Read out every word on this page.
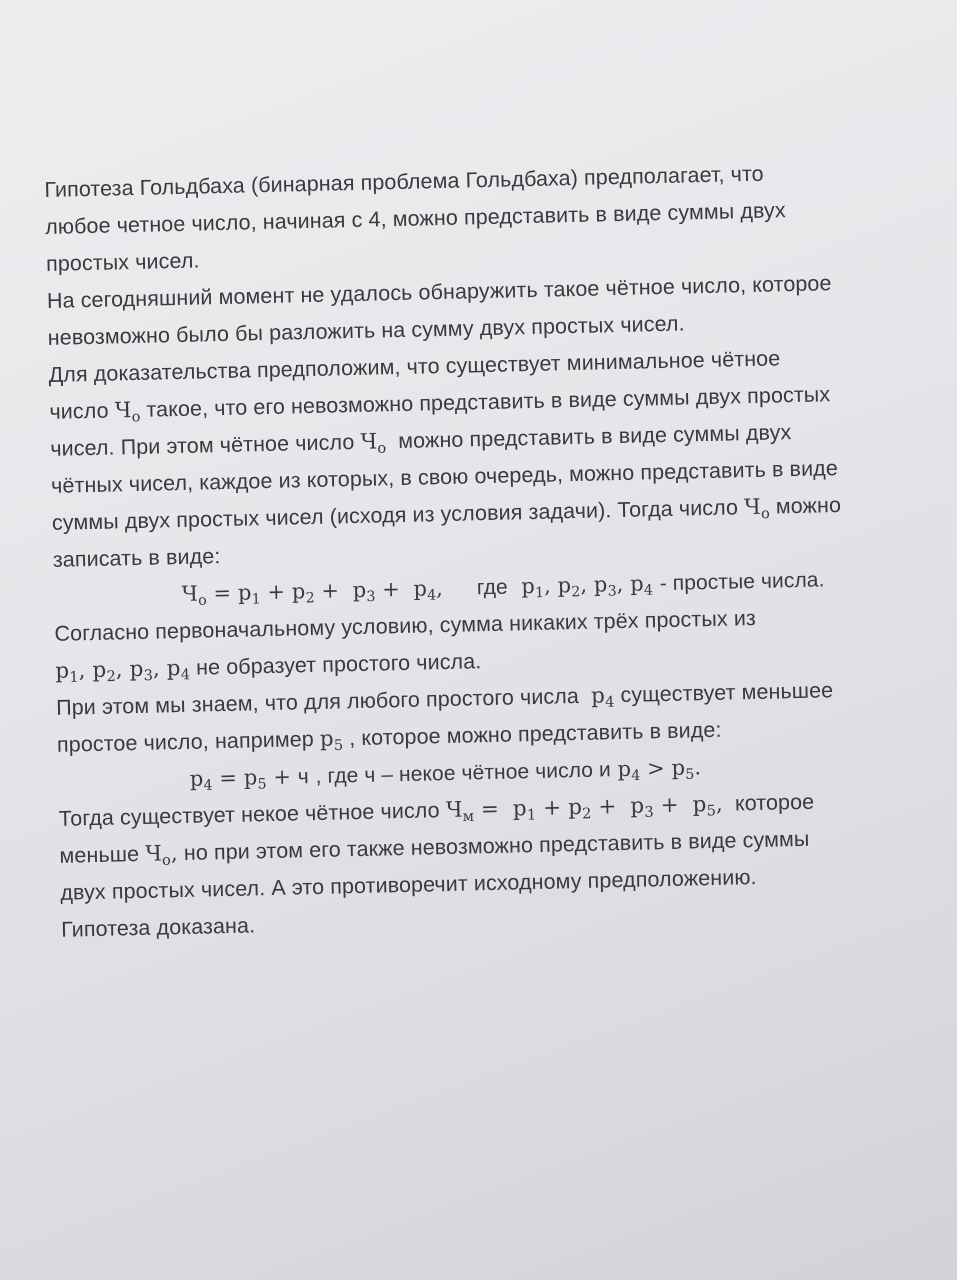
Гипотеза Гольдбаха (бинарная проблема Гольдбаха) предполагает, что
любое четное число, начиная с 4, можно представить в виде суммы двух
простых чисел.
На сегодняшний момент не удалось обнаружить такое чётное число, которое
невозможно было бы разложить на сумму двух простых чисел.
Для доказательства предположим, что существует минимальное чётное
число $Ч_о$ такое, что его невозможно представить в виде суммы двух простых
чисел. При этом чётное число $Ч_о$ можно представить в виде суммы двух
чётных чисел, каждое из которых, в свою очередь, можно представить в виде
суммы двух простых чисел (исходя из условия задачи). Тогда число $Ч_о$ можно
записать в виде:
$Ч_о = p_1 + p_2 + p_3 + p_4$, где $p_1$, $p_2$, $p_3$, $p_4$ - простые числа.
Согласно первоначальному условию, сумма никаких трёх простых из
$p_1$, $p_2$, $p_3$, $p_4$ не образует простого числа.
При этом мы знаем, что для любого простого числа $p_4$ существует меньшее
простое число, например $p_5$ , которое можно представить в виде:
$p_4 = p_5 + ч$ , где ч – некое чётное число и $p_4 > p_5$.
Тогда существует некое чётное число $Ч_м = p_1 + p_2 + p_3 + p_5$, которое
меньше $Ч_о$, но при этом его также невозможно представить в виде суммы
двух простых чисел. А это противоречит исходному предположению.
Гипотеза доказана.
